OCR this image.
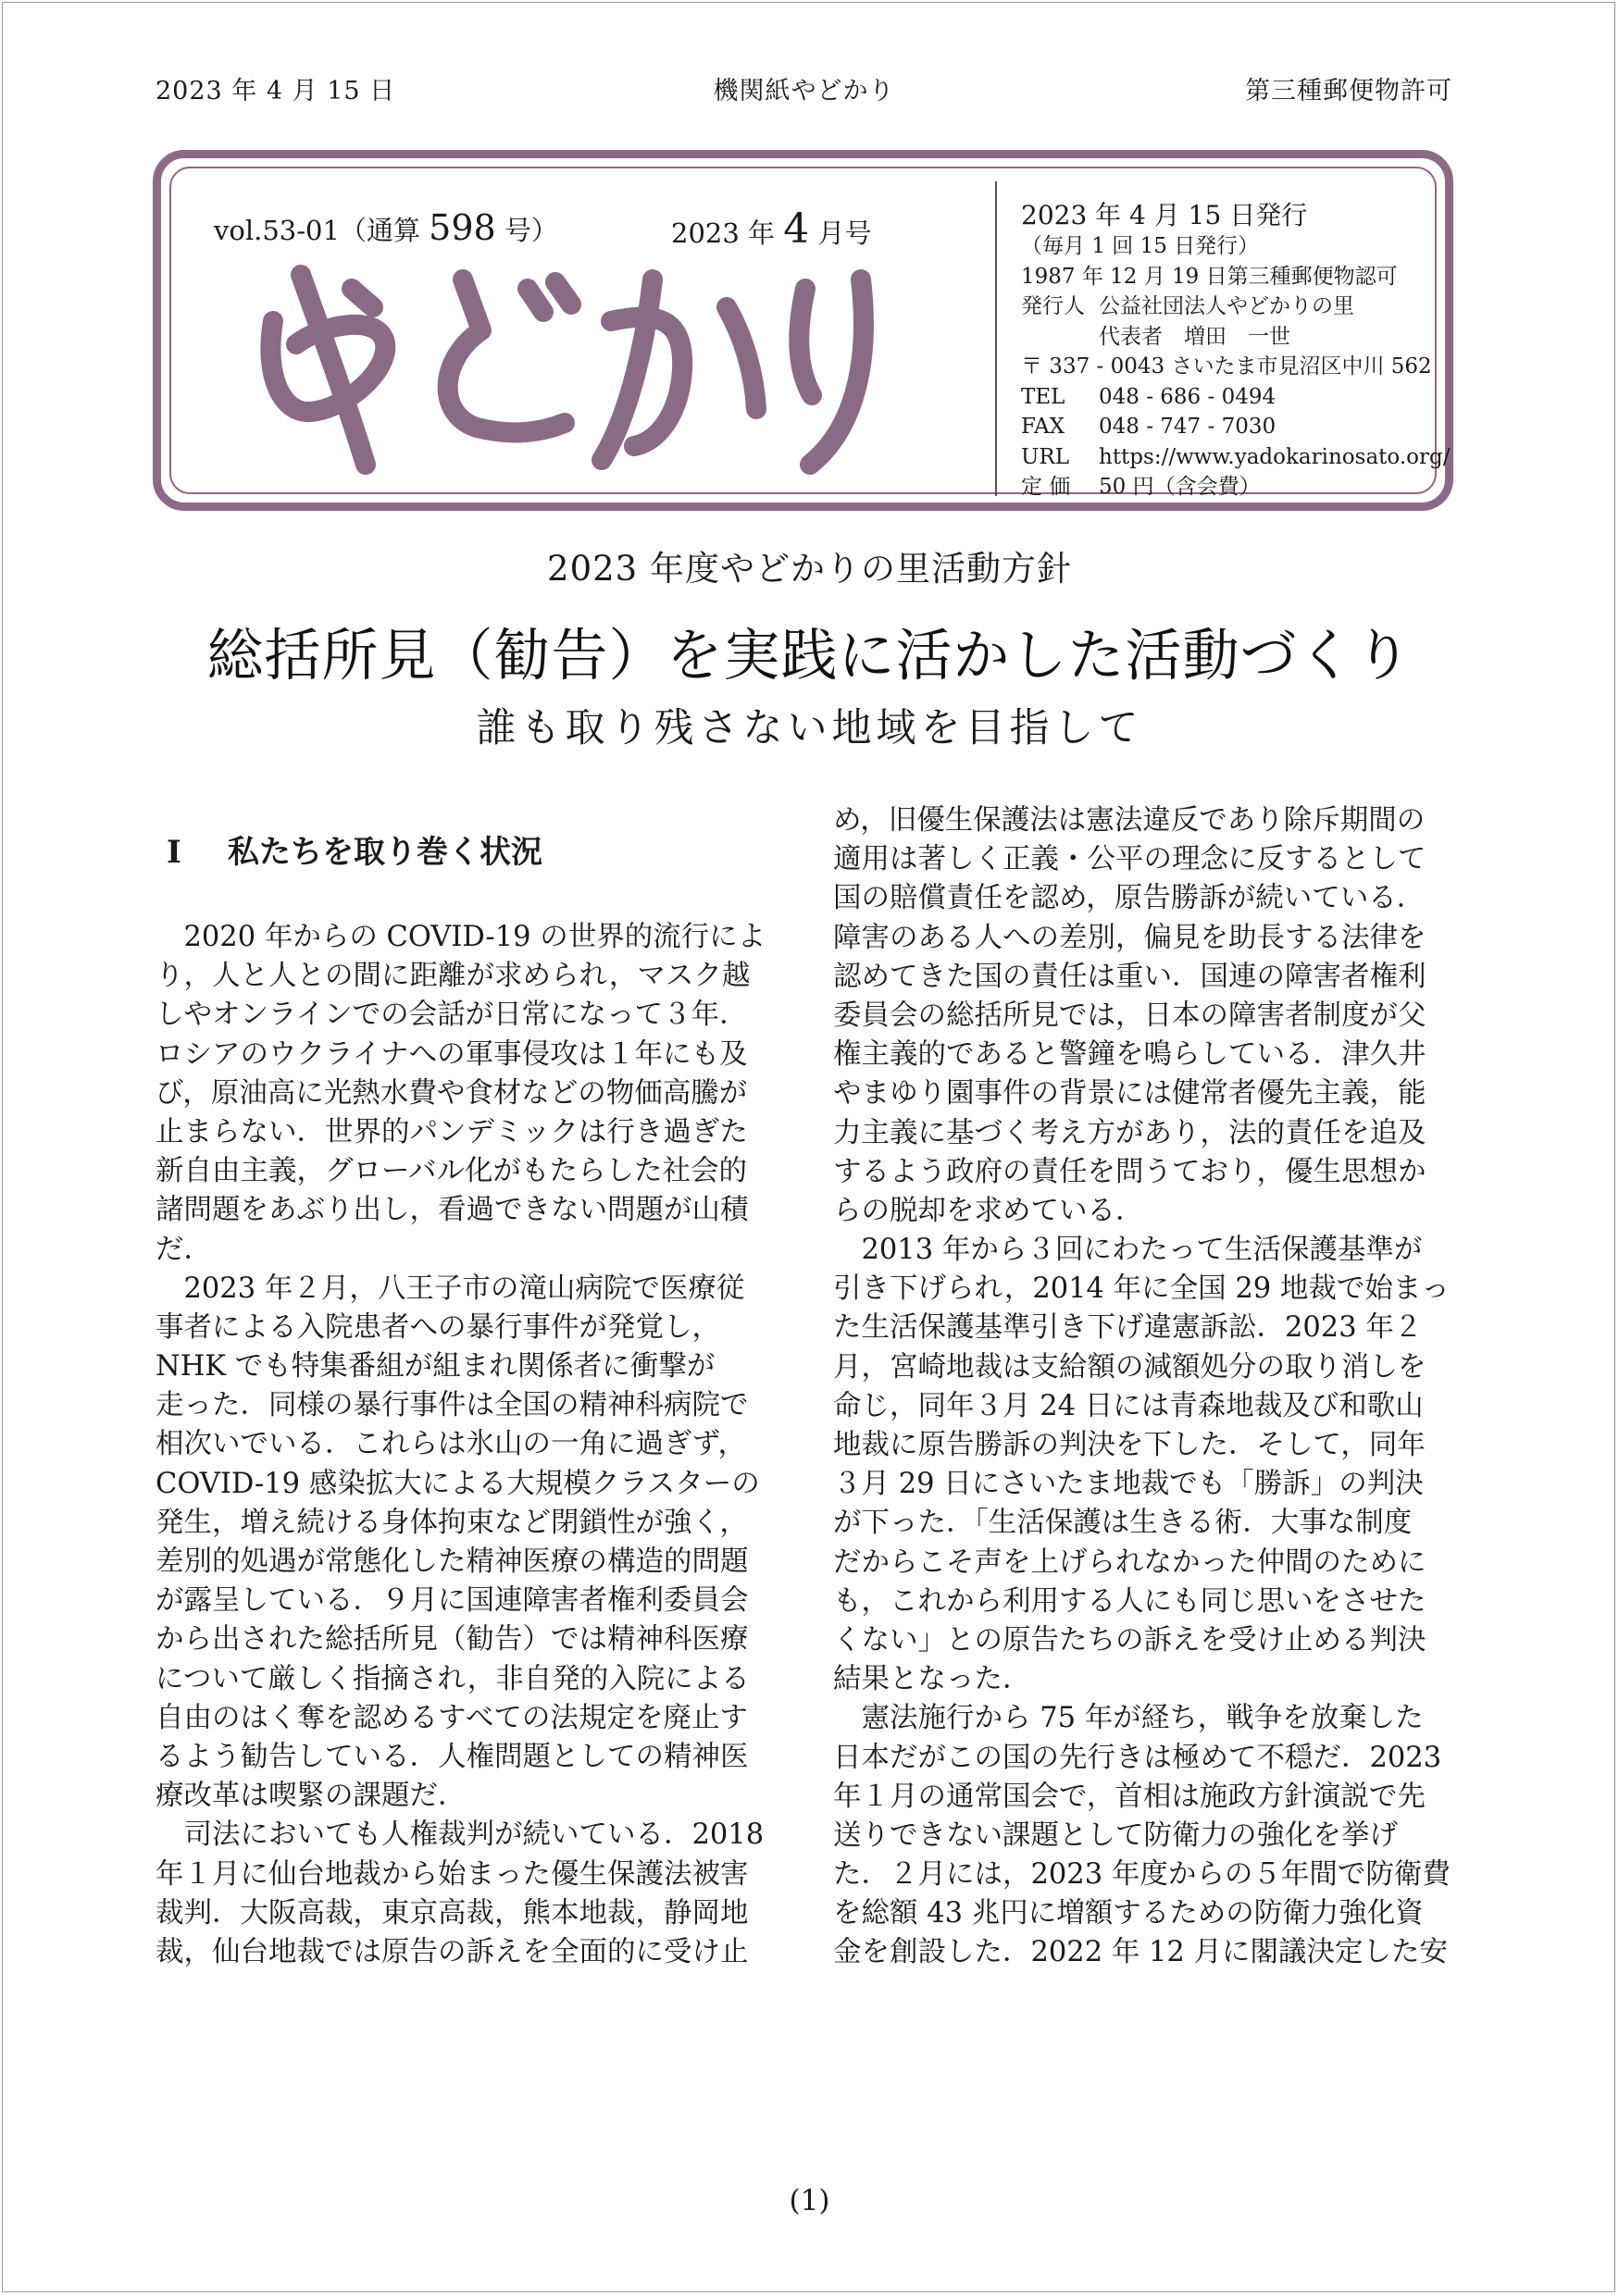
2023 年 4 月 15 日	機関紙やどかり	第三種郵便物許可
vol.53-01（通算 598 号）	2023 年 4 月号
やどかり
2023 年 4 月 15 日発行
（毎月 1 回 15 日発行）
1987 年 12 月 19 日第三種郵便物認可
発行人 公益社団法人やどかりの里
代表者　増田　一世
〒 337 - 0043 さいたま市見沼区中川 562
TEL 048 - 686 - 0494
FAX 048 - 747 - 7030
URL https://www.yadokarinosato.org/
定 価 50 円（含会費）
2023 年度やどかりの里活動方針
総括所見（勧告）を実践に活かした活動づくり
誰も取り残さない地域を目指して
Ⅰ 私たちを取り巻く状況
　2020 年からの COVID-19 の世界的流行によ
り，人と人との間に距離が求められ，マスク越
しやオンラインでの会話が日常になって３年．
ロシアのウクライナへの軍事侵攻は１年にも及
び，原油高に光熱水費や食材などの物価高騰が
止まらない．世界的パンデミックは行き過ぎた
新自由主義，グローバル化がもたらした社会的
諸問題をあぶり出し，看過できない問題が山積
だ．
　2023 年２月，八王子市の滝山病院で医療従
事者による入院患者への暴行事件が発覚し，
NHK でも特集番組が組まれ関係者に衝撃が
走った．同様の暴行事件は全国の精神科病院で
相次いでいる．これらは氷山の一角に過ぎず，
COVID-19 感染拡大による大規模クラスターの
発生，増え続ける身体拘束など閉鎖性が強く，
差別的処遇が常態化した精神医療の構造的問題
が露呈している．９月に国連障害者権利委員会
から出された総括所見（勧告）では精神科医療
について厳しく指摘され，非自発的入院による
自由のはく奪を認めるすべての法規定を廃止す
るよう勧告している．人権問題としての精神医
療改革は喫緊の課題だ．
　司法においても人権裁判が続いている．2018
年１月に仙台地裁から始まった優生保護法被害
裁判．大阪高裁，東京高裁，熊本地裁，静岡地
裁，仙台地裁では原告の訴えを全面的に受け止
め，旧優生保護法は憲法違反であり除斥期間の
適用は著しく正義・公平の理念に反するとして
国の賠償責任を認め，原告勝訴が続いている．
障害のある人への差別，偏見を助長する法律を
認めてきた国の責任は重い．国連の障害者権利
委員会の総括所見では，日本の障害者制度が父
権主義的であると警鐘を鳴らしている．津久井
やまゆり園事件の背景には健常者優先主義，能
力主義に基づく考え方があり，法的責任を追及
するよう政府の責任を問うており，優生思想か
らの脱却を求めている．
　2013 年から３回にわたって生活保護基準が
引き下げられ，2014 年に全国 29 地裁で始まっ
た生活保護基準引き下げ違憲訴訟．2023 年２
月，宮崎地裁は支給額の減額処分の取り消しを
命じ，同年３月 24 日には青森地裁及び和歌山
地裁に原告勝訴の判決を下した．そして，同年
３月 29 日にさいたま地裁でも「勝訴」の判決
が下った．「生活保護は生きる術．大事な制度
だからこそ声を上げられなかった仲間のために
も，これから利用する人にも同じ思いをさせた
くない」との原告たちの訴えを受け止める判決
結果となった．
　憲法施行から 75 年が経ち，戦争を放棄した
日本だがこの国の先行きは極めて不穏だ．2023
年１月の通常国会で，首相は施政方針演説で先
送りできない課題として防衛力の強化を挙げ
た．２月には，2023 年度からの５年間で防衛費
を総額 43 兆円に増額するための防衛力強化資
金を創設した．2022 年 12 月に閣議決定した安
(1)
